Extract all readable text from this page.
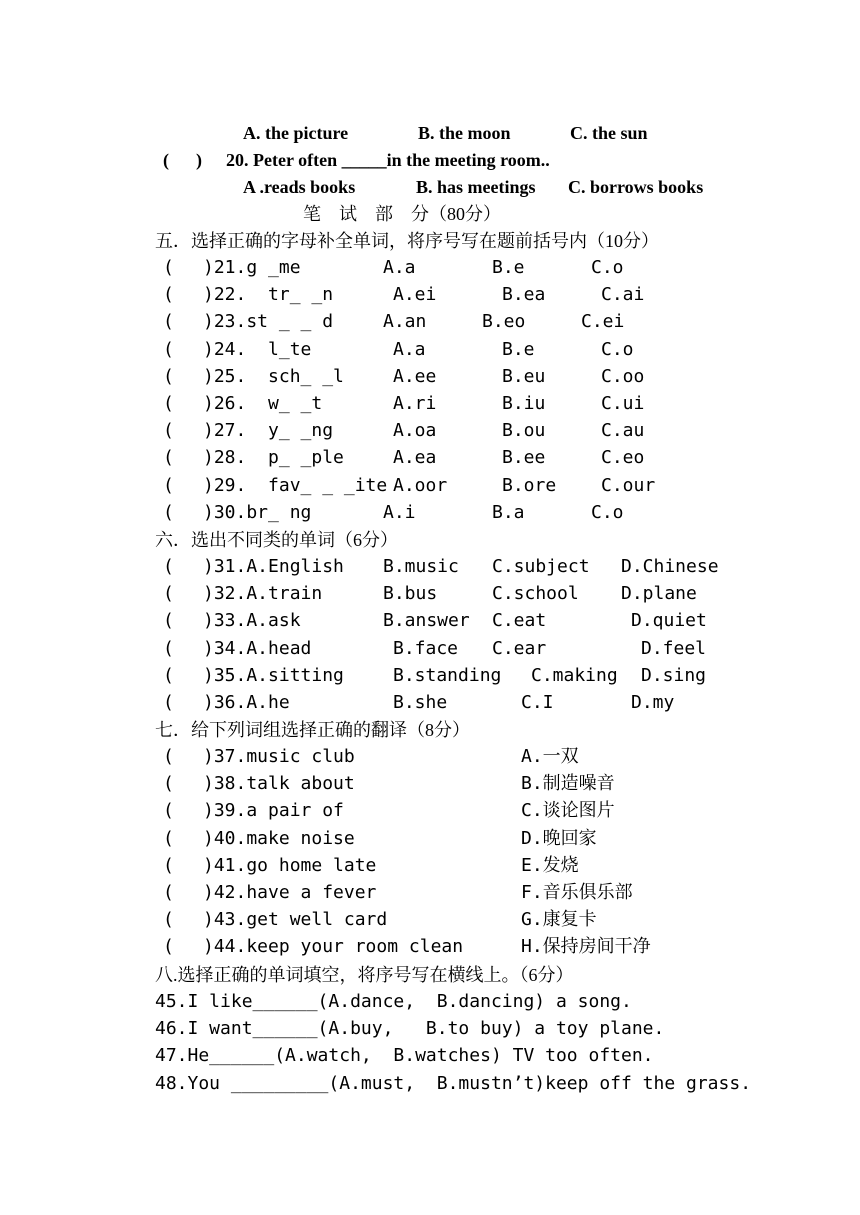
A. the picture	B. the moon	C. the sun
(      ) 20. Peter often _____in the meeting room..
A .reads books	B. has meetings C. borrows books
笔    试    部    分（80分）
五．选择正确的字母补全单词，将序号写在题前括号内（10分）
六．选出不同类的单词（6分）
七．给下列词组选择正确的翻译（8分）
八.选择正确的单词填空，将序号写在横线上。（6分）
( )21.g _me	A.a	B.e	C.o
( )22.  tr_ _n	A.ei	B.ea	C.ai
( )23.st _ _ d	A.an	B.eo	C.ei
( )24.  l_te	A.a	B.e	C.o
( )25.  sch_ _l	A.ee	B.eu	C.oo
( )26.  w_ _t	A.ri	B.iu	C.ui
( )27.  y_ _ng	A.oa	B.ou	C.au
( )28.  p_ _ple	A.ea	B.ee	C.eo
( )29.  fav_ _ _ite A.oor	B.ore C.our
( )30.br_ ng	A.i	B.a	C.o
( )31.A.English B.music C.subject D.Chinese
( )32.A.train	B.bus	C.school D.plane
( )33.A.ask	B.answer C.eat	D.quiet
( )34.A.head	B.face C.ear	D.feel
( )35.A.sitting	B.standing C.making D.sing
( )36.A.he	B.she	C.I	D.my
( )37.music club	A.一双
( )38.talk about	B.制造噪音
( )39.a pair of	C.谈论图片
( )40.make noise	D.晚回家
( )41.go home late	E.发烧
( )42.have a fever	F.音乐俱乐部
( )43.get well card	G.康复卡
( )44.keep your room clean	H.保持房间干净
45.I like______(A.dance,  B.dancing) a song.
46.I want______(A.buy,   B.to buy) a toy plane.
47.He______(A.watch,  B.watches) TV too often.
48.You _________(A.must,  B.mustn’t)keep off the grass.
